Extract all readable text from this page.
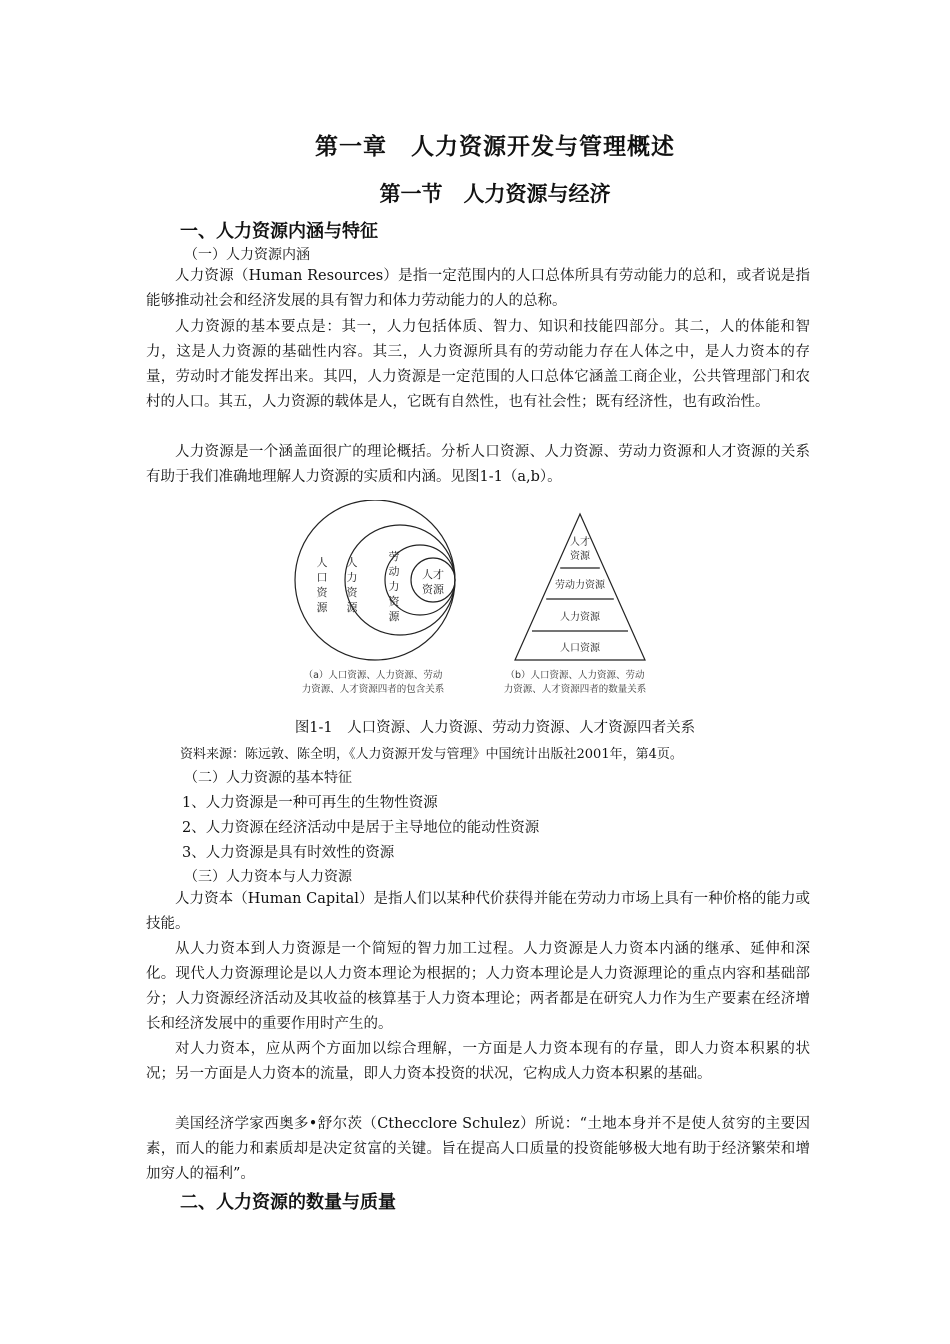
第一章　人力资源开发与管理概述
第一节　人力资源与经济
一、人力资源内涵与特征

（一）人力资源内涵

人力资源（Human Resources）是指一定范围内的人口总体所具有劳动能力的总和，或者说是指能够推动社会和经济发展的具有智力和体力劳动能力的人的总称。

人力资源的基本要点是：其一，人力包括体质、智力、知识和技能四部分。其二，人的体能和智力，这是人力资源的基础性内容。其三，人力资源所具有的劳动能力存在人体之中，是人力资本的存量，劳动时才能发挥出来。其四，人力资源是一定范围的人口总体它涵盖工商企业，公共管理部门和农村的人口。其五，人力资源的载体是人，它既有自然性，也有社会性；既有经济性，也有政治性。

人力资源是一个涵盖面很广的理论概括。分析人口资源、人力资源、劳动力资源和人才资源的关系有助于我们准确地理解人力资源的实质和内涵。见图1-1（a,b）。

人
口
资
源
人
力
资
源
劳
动
力
资
源
人才
资源
人才
资源
劳动力资源
人力资源
人口资源
（a）人口资源、人力资源、劳动
力资源、人才资源四者的包含关系
（b）人口资源、人力资源、劳动
力资源、人才资源四者的数量关系

图1-1　人口资源、人力资源、劳动力资源、人才资源四者关系

资料来源：陈远敦、陈全明，《人力资源开发与管理》中国统计出版社2001年，第4页。

（二）人力资源的基本特征

1、人力资源是一种可再生的生物性资源

2、人力资源在经济活动中是居于主导地位的能动性资源

3、人力资源是具有时效性的资源

（三）人力资本与人力资源

人力资本（Human Capital）是指人们以某种代价获得并能在劳动力市场上具有一种价格的能力或技能。

从人力资本到人力资源是一个简短的智力加工过程。人力资源是人力资本内涵的继承、延伸和深化。现代人力资源理论是以人力资本理论为根据的；人力资本理论是人力资源理论的重点内容和基础部分；人力资源经济活动及其收益的核算基于人力资本理论；两者都是在研究人力作为生产要素在经济增长和经济发展中的重要作用时产生的。

对人力资本，应从两个方面加以综合理解，一方面是人力资本现有的存量，即人力资本积累的状况；另一方面是人力资本的流量，即人力资本投资的状况，它构成人力资本积累的基础。

美国经济学家西奥多•舒尔茨（Cthecclore Schulez）所说：“土地本身并不是使人贫穷的主要因素，而人的能力和素质却是决定贫富的关键。旨在提高人口质量的投资能够极大地有助于经济繁荣和增加穷人的福利”。

二、人力资源的数量与质量
